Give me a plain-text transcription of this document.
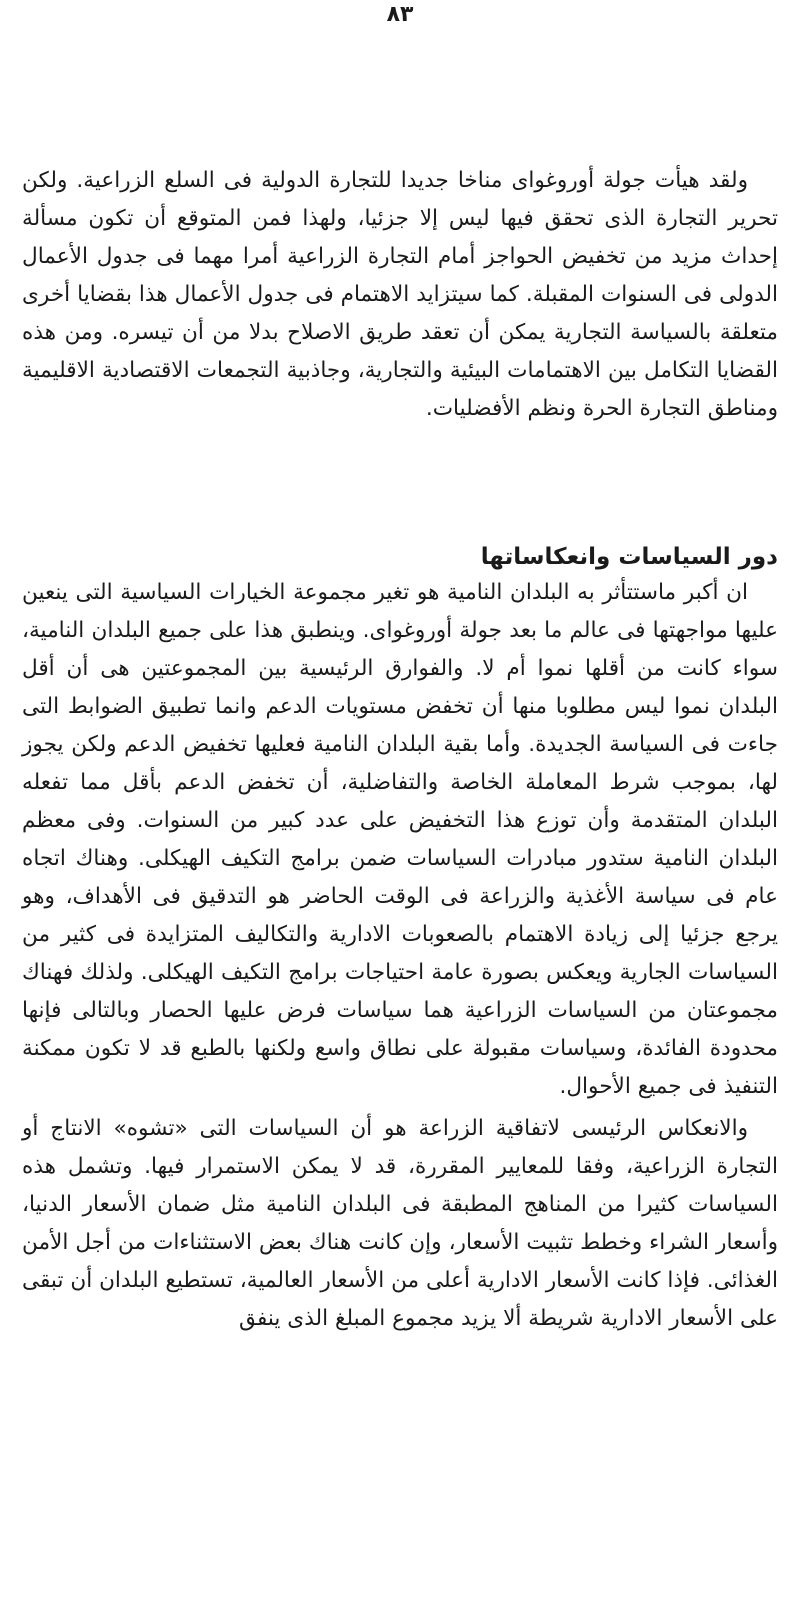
٨٣

ولقد هيأت جولة أوروغواى مناخا جديدا للتجارة الدولية فى السلع الزراعية. ولكن تحرير التجارة الذى تحقق فيها ليس إلا جزئيا، ولهذا فمن المتوقع أن تكون مسألة إحداث مزيد من تخفيض الحواجز أمام التجارة الزراعية أمرا مهما فى جدول الأعمال الدولى فى السنوات المقبلة. كما سيتزايد الاهتمام فى جدول الأعمال هذا بقضايا أخرى متعلقة بالسياسة التجارية يمكن أن تعقد طريق الاصلاح بدلا من أن تيسره. ومن هذه القضايا التكامل بين الاهتمامات البيئية والتجارية، وجاذبية التجمعات الاقتصادية الاقليمية ومناطق التجارة الحرة ونظم الأفضليات.

دور السياسات وانعكاساتها

ان أكبر ماستتأثر به البلدان النامية هو تغير مجموعة الخيارات السياسية التى ينعين عليها مواجهتها فى عالم ما بعد جولة أوروغواى. وينطبق هذا على جميع البلدان النامية، سواء كانت من أقلها نموا أم لا. والفوارق الرئيسية بين المجموعتين هى أن أقل البلدان نموا ليس مطلوبا منها أن تخفض مستويات الدعم وانما تطبيق الضوابط التى جاءت فى السياسة الجديدة. وأما بقية البلدان النامية فعليها تخفيض الدعم ولكن يجوز لها، بموجب شرط المعاملة الخاصة والتفاضلية، أن تخفض الدعم بأقل مما تفعله البلدان المتقدمة وأن توزع هذا التخفيض على عدد كبير من السنوات. وفى معظم البلدان النامية ستدور مبادرات السياسات ضمن برامج التكيف الهيكلى. وهناك اتجاه عام فى سياسة الأغذية والزراعة فى الوقت الحاضر هو التدقيق فى الأهداف، وهو يرجع جزئيا إلى زيادة الاهتمام بالصعوبات الادارية والتكاليف المتزايدة فى كثير من السياسات الجارية ويعكس بصورة عامة احتياجات برامج التكيف الهيكلى. ولذلك فهناك مجموعتان من السياسات الزراعية هما سياسات فرض عليها الحصار وبالتالى فإنها محدودة الفائدة، وسياسات مقبولة على نطاق واسع ولكنها بالطبع قد لا تكون ممكنة التنفيذ فى جميع الأحوال.

والانعكاس الرئيسى لاتفاقية الزراعة هو أن السياسات التى «تشوه» الانتاج أو التجارة الزراعية، وفقا للمعايير المقررة، قد لا يمكن الاستمرار فيها. وتشمل هذه السياسات كثيرا من المناهج المطبقة فى البلدان النامية مثل ضمان الأسعار الدنيا، وأسعار الشراء وخطط تثبيت الأسعار، وإن كانت هناك بعض الاستثناءات من أجل الأمن الغذائى. فإذا كانت الأسعار الادارية أعلى من الأسعار العالمية، تستطيع البلدان أن تبقى على الأسعار الادارية شريطة ألا يزيد مجموع المبلغ الذى ينفق
